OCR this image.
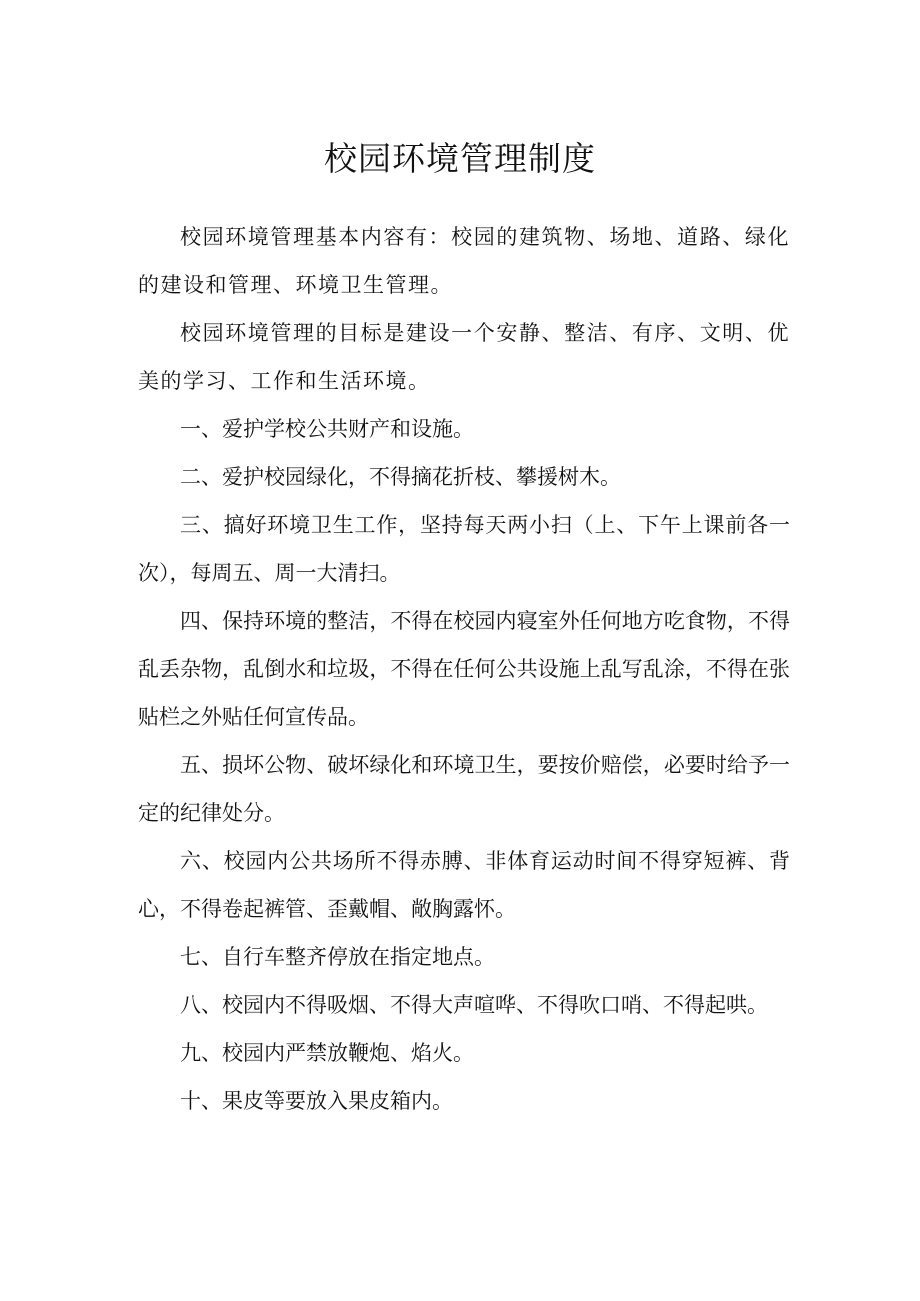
校园环境管理制度

校园环境管理基本内容有：校园的建筑物、场地、道路、绿化的建设和管理、环境卫生管理。

校园环境管理的目标是建设一个安静、整洁、有序、文明、优美的学习、工作和生活环境。

一、爱护学校公共财产和设施。

二、爱护校园绿化，不得摘花折枝、攀援树木。

三、搞好环境卫生工作，坚持每天两小扫（上、下午上课前各一次），每周五、周一大清扫。

四、保持环境的整洁，不得在校园内寝室外任何地方吃食物，不得乱丢杂物，乱倒水和垃圾，不得在任何公共设施上乱写乱涂，不得在张贴栏之外贴任何宣传品。

五、损坏公物、破坏绿化和环境卫生，要按价赔偿，必要时给予一定的纪律处分。

六、校园内公共场所不得赤膊、非体育运动时间不得穿短裤、背心，不得卷起裤管、歪戴帽、敞胸露怀。

七、自行车整齐停放在指定地点。

八、校园内不得吸烟、不得大声喧哗、不得吹口哨、不得起哄。

九、校园内严禁放鞭炮、焰火。

十、果皮等要放入果皮箱内。
